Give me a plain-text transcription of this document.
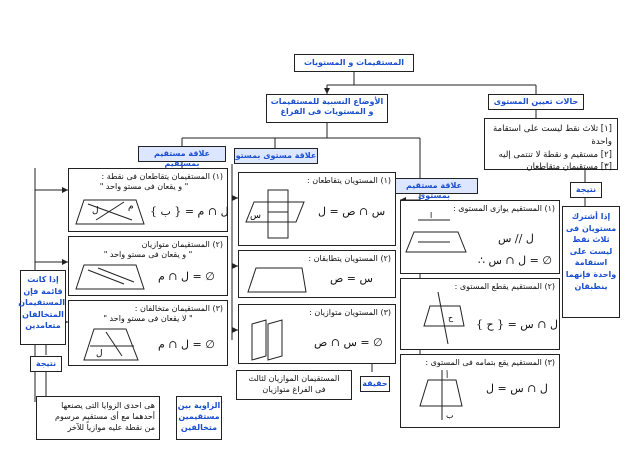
المستقيمات و المستويات
الأوضاع النسبية للمستقيمات
و المستويات فى الفراغ
حالات تعيين المستوى
[١] ثلاث نقط ليست على استقامة واحدة
[٢] مستقيم و نقطة لا تنتمى إليه
[٣] مستقيمان متقاطعان
نتيجة
إذا أشترك
مستويان فى
ثلاث نقط
ليست على
استقامة
واحدة فإنهما
ينطبقان
علاقة مستقيم بمستقيم
علاقة مستوى بمستو
علاقة مستقيم بمستوى
(١) المستقيمان يتقاطعان فى نقطة :
" و يقعان فى مستو واحد "
ل	م ل ∩ م = { ب }
(٢) المستقيمان متوازيان
" و يقعان فى مستو واحد "
ل ∩ م = ∅
(٣) المستقيمان متخالفان :
" لا يقعان فى مستو واحد "
ل
ل ∩ م = ∅
إذا كانت
قائمة فإن
المستقيمان
المتخالفان
متعامدين
نتيجة
هى احدى الزوايا التى يصنعها
أحدهما مع أى مستقيم مرسوم
من نقطة عليه موازياً للآخر
الزاوية بين
مستقيمين
متخالفين
(١) المستويان يتقاطعان :
س	س ∩ ص = ل
(٢) المستويان يتطابقان :
س = ص
(٣) المستويان متوازيان :
س ∩ ص = ∅
حقيقة
المستقيمان الموازيان لثالث
فى الفراغ متوازيان
(١) المستقيم يوازى المستوى :
أ
ل // س
∴ ل ∩ س = ∅
(٢) المستقيم يقطع المستوى :
ح
ل ∩ س = { ح }
(٣) المستقيم يقع بتمامه فى المستوى :
أ
ب
ل ∩ س = ل
